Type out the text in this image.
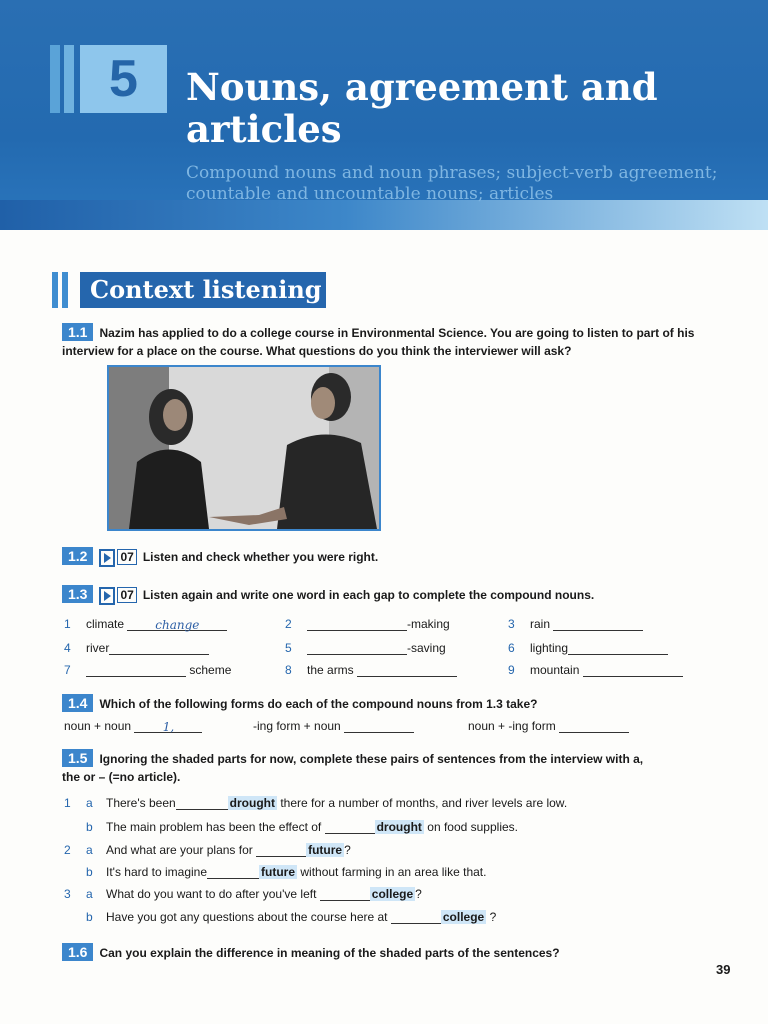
5	Nouns, agreement and articles
Compound nouns and noun phrases; subject-verb agreement; countable and uncountable nouns; articles
Context listening
1.1 Nazim has applied to do a college course in Environmental Science. You are going to listen to part of his interview for a place on the course. What questions do you think the interviewer will ask?
1.2	07 Listen and check whether you were right.
1.3	07 Listen again and write one word in each gap to complete the compound nouns.
1 climate	change	2	-making	3 rain
4 river	5	-saving	6 lighting
7	scheme	8 the arms	9 mountain
1.4 Which of the following forms do each of the compound nouns from 1.3 take?
noun + noun	1,	-ing form + noun	noun + -ing form
1.5 Ignoring the shaded parts for now, complete these pairs of sentences from the interview with a, the or – (=no article).
1 a There's been	drought there for a number of months, and river levels are low.
b The main problem has been the effect of	drought on food supplies.
2 a And what are your plans for	future ?
b It's hard to imagine	future without farming in an area like that.
3 a What do you want to do after you've left	college ?
b Have you got any questions about the course here at	college ?
1.6 Can you explain the difference in meaning of the shaded parts of the sentences?
39
